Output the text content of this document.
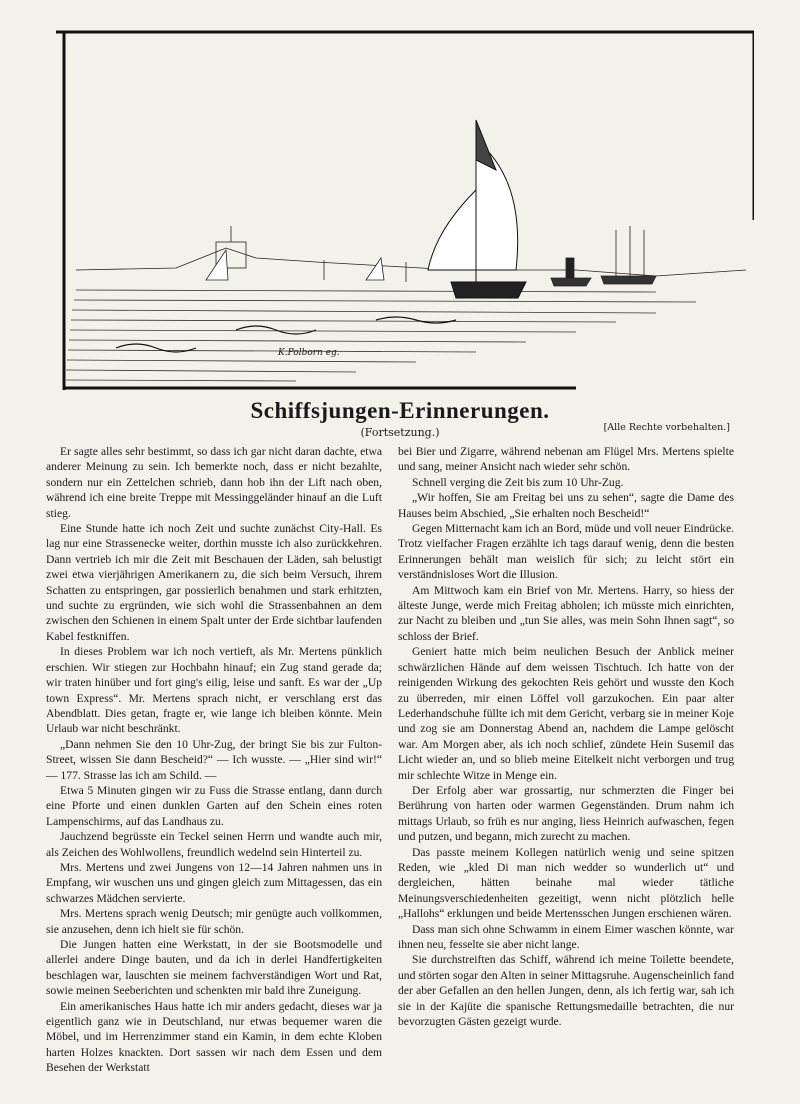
K.Polborn eg.
Schiffsjungen-Erinnerungen.
(Fortsetzung.)	[Alle Rechte vorbehalten.]

Er sagte alles sehr bestimmt, so dass ich gar nicht daran dachte, etwa anderer Meinung zu sein. Ich bemerkte noch, dass er nicht bezahlte, sondern nur ein Zettelchen schrieb, dann hob ihn der Lift nach oben, während ich eine breite Treppe mit Messinggeländer hinauf an die Luft stieg.

Eine Stunde hatte ich noch Zeit und suchte zunächst City-Hall. Es lag nur eine Strassenecke weiter, dorthin musste ich also zurückkehren. Dann vertrieb ich mir die Zeit mit Beschauen der Läden, sah belustigt zwei etwa vierjährigen Amerikanern zu, die sich beim Versuch, ihrem Schatten zu entspringen, gar possierlich benahmen und stark erhitzten, und suchte zu ergründen, wie sich wohl die Strassenbahnen an dem zwischen den Schienen in einem Spalt unter der Erde sichtbar laufenden Kabel festkniffen.

In dieses Problem war ich noch vertieft, als Mr. Mertens pünklich erschien. Wir stiegen zur Hochbahn hinauf; ein Zug stand gerade da; wir traten hinüber und fort ging's eilig, leise und sanft. Es war der „Up town Express“. Mr. Mertens sprach nicht, er verschlang erst das Abendblatt. Dies getan, fragte er, wie lange ich bleiben könnte. Mein Urlaub war nicht beschränkt.

„Dann nehmen Sie den 10 Uhr-Zug, der bringt Sie bis zur Fulton-Street, wissen Sie dann Bescheid?“ — Ich wusste. — „Hier sind wir!“ — 177. Strasse las ich am Schild. —

Etwa 5 Minuten gingen wir zu Fuss die Strasse entlang, dann durch eine Pforte und einen dunklen Garten auf den Schein eines roten Lampenschirms, auf das Landhaus zu.

Jauchzend begrüsste ein Teckel seinen Herrn und wandte auch mir, als Zeichen des Wohlwollens, freundlich wedelnd sein Hinterteil zu.

Mrs. Mertens und zwei Jungens von 12—14 Jahren nahmen uns in Empfang, wir wuschen uns und gingen gleich zum Mittagessen, das ein schwarzes Mädchen servierte.

Mrs. Mertens sprach wenig Deutsch; mir genügte auch vollkommen, sie anzusehen, denn ich hielt sie für schön.

Die Jungen hatten eine Werkstatt, in der sie Bootsmodelle und allerlei andere Dinge bauten, und da ich in derlei Handfertigkeiten beschlagen war, lauschten sie meinem fachverständigen Wort und Rat, sowie meinen Seeberichten und schenkten mir bald ihre Zuneigung.

Ein amerikanisches Haus hatte ich mir anders gedacht, dieses war ja eigentlich ganz wie in Deutschland, nur etwas bequemer waren die Möbel, und im Herrenzimmer stand ein Kamin, in dem echte Kloben harten Holzes knackten. Dort sassen wir nach dem Essen und dem Besehen der Werkstatt

bei Bier und Zigarre, während nebenan am Flügel Mrs. Mertens spielte und sang, meiner Ansicht nach wieder sehr schön.

Schnell verging die Zeit bis zum 10 Uhr-Zug.

„Wir hoffen, Sie am Freitag bei uns zu sehen“, sagte die Dame des Hauses beim Abschied, „Sie erhalten noch Bescheid!“

Gegen Mitternacht kam ich an Bord, müde und voll neuer Eindrücke. Trotz vielfacher Fragen erzählte ich tags darauf wenig, denn die besten Erinnerungen behält man weislich für sich; zu leicht stört ein verständnisloses Wort die Illusion.

Am Mittwoch kam ein Brief von Mr. Mertens. Harry, so hiess der älteste Junge, werde mich Freitag abholen; ich müsste mich einrichten, zur Nacht zu bleiben und „tun Sie alles, was mein Sohn Ihnen sagt“, so schloss der Brief.

Geniert hatte mich beim neulichen Besuch der Anblick meiner schwärzlichen Hände auf dem weissen Tischtuch. Ich hatte von der reinigenden Wirkung des gekochten Reis gehört und wusste den Koch zu überreden, mir einen Löffel voll garzukochen. Ein paar alter Lederhandschuhe füllte ich mit dem Gericht, verbarg sie in meiner Koje und zog sie am Donnerstag Abend an, nachdem die Lampe gelöscht war. Am Morgen aber, als ich noch schlief, zündete Hein Susemil das Licht wieder an, und so blieb meine Eitelkeit nicht verborgen und trug mir schlechte Witze in Menge ein.

Der Erfolg aber war grossartig, nur schmerzten die Finger bei Berührung von harten oder warmen Gegenständen. Drum nahm ich mittags Urlaub, so früh es nur anging, liess Heinrich aufwaschen, fegen und putzen, und begann, mich zurecht zu machen.

Das passte meinem Kollegen natürlich wenig und seine spitzen Reden, wie „kled Di man nich wedder so wunderlich ut“ und dergleichen, hätten beinahe mal wieder tätliche Meinungsverschiedenheiten gezeitigt, wenn nicht plötzlich helle „Hallohs“ erklungen und beide Mertensschen Jungen erschienen wären.

Dass man sich ohne Schwamm in einem Eimer waschen könnte, war ihnen neu, fesselte sie aber nicht lange.

Sie durchstreiften das Schiff, während ich meine Toilette beendete, und störten sogar den Alten in seiner Mittagsruhe. Augenscheinlich fand der aber Gefallen an den hellen Jungen, denn, als ich fertig war, sah ich sie in der Kajüte die spanische Rettungsmedaille betrachten, die nur bevorzugten Gästen gezeigt wurde.
